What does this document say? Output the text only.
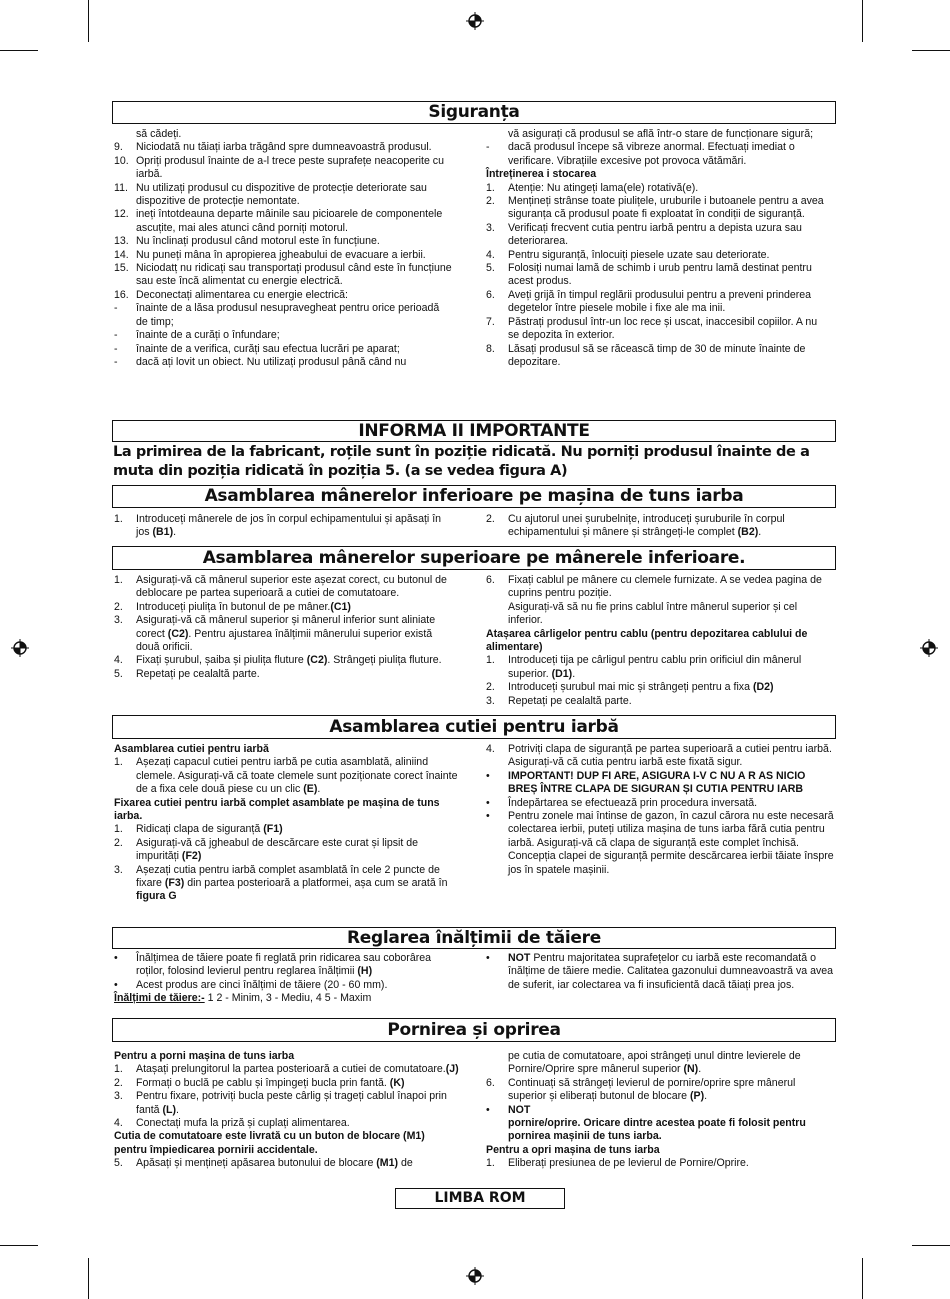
Siguranța
să cădeți.
9.	Niciodată nu tăiați iarba trăgând spre dumneavoastră produsul.
10. Opriți produsul înainte de a-l trece peste suprafețe neacoperite cu iarbă.
11. Nu utilizați produsul cu dispozitive de protecție deteriorate sau dispozitive de protecție nemontate.
12. ineți întotdeauna departe mâinile sau picioarele de componentele ascuțite, mai ales atunci când porniți motorul.
13. Nu înclinați produsul când motorul este în funcțiune.
14. Nu puneți mâna în apropierea jgheabului de evacuare a ierbii.
15. Niciodatț nu ridicați sau transportați produsul când este în funcțiune sau este încă alimentat cu energie electrică.
16. Deconectați alimentarea cu energie electrică:
-	înainte de a lăsa produsul nesupravegheat pentru orice perioadă de timp;
-	înainte de a curăți o înfundare;
-	înainte de a verifica, curăți sau efectua lucrări pe aparat;
-	dacă ați lovit un obiect. Nu utilizați produsul până când nu
vă asigurați că produsul se află într-o stare de funcționare sigură;
-	dacă produsul începe să vibreze anormal. Efectuați imediat o verificare. Vibrațiile excesive pot provoca vătămări.
Întreținerea i stocarea
1.	Atenție: Nu atingeți lama(ele) rotativă(e).
2.	Mențineți strânse toate piulițele, uruburile i butoanele pentru a avea siguranța că produsul poate fi exploatat în condiții de siguranță.
3.	Verificați frecvent cutia pentru iarbă pentru a depista uzura sau deteriorarea.
4.	Pentru siguranță, înlocuiți piesele uzate sau deteriorate.
5.	Folosiți numai lamă de schimb i urub pentru lamă destinat pentru acest produs.
6.	Aveți grijă în timpul reglării produsului pentru a preveni prinderea degetelor între piesele mobile i fixe ale ma inii.
7.	Păstrați produsul într-un loc rece și uscat, inaccesibil copiilor. A nu se depozita în exterior.
8.	Lăsați produsul să se răcească timp de 30 de minute înainte de depozitare.
INFORMA II IMPORTANTE
La primirea de la fabricant, roțile sunt în poziție ridicată. Nu porniți produsul înainte de a muta din poziția ridicată în poziția 5. (a se vedea figura A)
Asamblarea mânerelor inferioare pe mașina de tuns iarba
1.	Introduceți mânerele de jos în corpul echipamentului și apăsați în jos (B1).
2.	Cu ajutorul unei șurubelnițe, introduceți șuruburile în corpul echipamentului și mânere și strângeți-le complet (B2).
Asamblarea mânerelor superioare pe mânerele inferioare.
1.	Asigurați-vă că mânerul superior este așezat corect, cu butonul de deblocare pe partea superioară a cutiei de comutatoare.
2.	Introduceți piulița în butonul de pe mâner.(C1)
3.	Asigurați-vă că mânerul superior și mânerul inferior sunt aliniate corect (C2). Pentru ajustarea înălțimii mânerului superior există două orificii.
4.	Fixați șurubul, șaiba și piulița fluture (C2). Strângeți piulița fluture.
5.	Repetați pe cealaltă parte.
6.	Fixați cablul pe mânere cu clemele furnizate. A se vedea pagina de cuprins pentru poziție.
Asigurați-vă să nu fie prins cablul între mânerul superior și cel inferior.
Atașarea cârligelor pentru cablu (pentru depozitarea cablului de alimentare)
1.	Introduceți tija pe cârligul pentru cablu prin orificiul din mânerul superior. (D1).
2.	Introduceți șurubul mai mic și strângeți pentru a fixa (D2)
3.	Repetați pe cealaltă parte.
Asamblarea cutiei pentru iarbă
Asamblarea cutiei pentru iarbă
1.	Așezați capacul cutiei pentru iarbă pe cutia asamblată, aliniind clemele. Asigurați-vă că toate clemele sunt poziționate corect înainte de a fixa cele două piese cu un clic (E).
Fixarea cutiei pentru iarbă complet asamblate pe mașina de tuns iarba.
1.	Ridicați clapa de siguranță (F1)
2.	Asigurați-vă că jgheabul de descărcare este curat și lipsit de impurități (F2)
3.	Așezați cutia pentru iarbă complet asamblată în cele 2 puncte de fixare (F3) din partea posterioară a platformei, așa cum se arată în figura G
4.	Potriviți clapa de siguranță pe partea superioară a cutiei pentru iarbă. Asigurați-vă că cutia pentru iarbă este fixată sigur.
•	IMPORTANT! DUP FI ARE, ASIGURA I-V C NU A R AS NICIO BREȘ ÎNTRE CLAPA DE SIGURAN ȘI CUTIA PENTRU IARB
•	Îndepărtarea se efectuează prin procedura inversată.
•	Pentru zonele mai întinse de gazon, în cazul cărora nu este necesară colectarea ierbii, puteți utiliza mașina de tuns iarba fără cutia pentru iarbă. Asigurați-vă că clapa de siguranță este complet închisă. Concepția clapei de siguranță permite descărcarea ierbii tăiate înspre jos în spatele mașinii.
Reglarea înălțimii de tăiere
•	Înălțimea de tăiere poate fi reglată prin ridicarea sau coborârea roților, folosind levierul pentru reglarea înălțimii (H)
•	Acest produs are cinci înălțimi de tăiere (20 - 60 mm).
Înălțimi de tăiere:- 1 2 - Minim, 3 - Mediu, 4 5 - Maxim
•	NOT Pentru majoritatea suprafețelor cu iarbă este recomandată o înălțime de tăiere medie. Calitatea gazonului dumneavoastră va avea de suferit, iar colectarea va fi insuficientă dacă tăiați prea jos.
Pornirea și oprirea
Pentru a porni mașina de tuns iarba
1.	Atașați prelungitorul la partea posterioară a cutiei de comutatoare.(J)
2.	Formați o buclă pe cablu și împingeți bucla prin fantă. (K)
3.	Pentru fixare, potriviți bucla peste cârlig și trageți cablul înapoi prin fantă (L).
4.	Conectați mufa la priză și cuplați alimentarea.
Cutia de comutatoare este livrată cu un buton de blocare (M1) pentru împiedicarea pornirii accidentale.
5.	Apăsați și mențineți apăsarea butonului de blocare (M1) de
pe cutia de comutatoare, apoi strângeți unul dintre levierele de Pornire/Oprire spre mânerul superior (N).
6.	Continuați să strângeți levierul de pornire/oprire spre mânerul superior și eliberați butonul de blocare (P).
•	NOT
pornire/oprire. Oricare dintre acestea poate fi folosit pentru pornirea mașinii de tuns iarba.
Pentru a opri mașina de tuns iarba
1.	Eliberați presiunea de pe levierul de Pornire/Oprire.
LIMBA ROM
